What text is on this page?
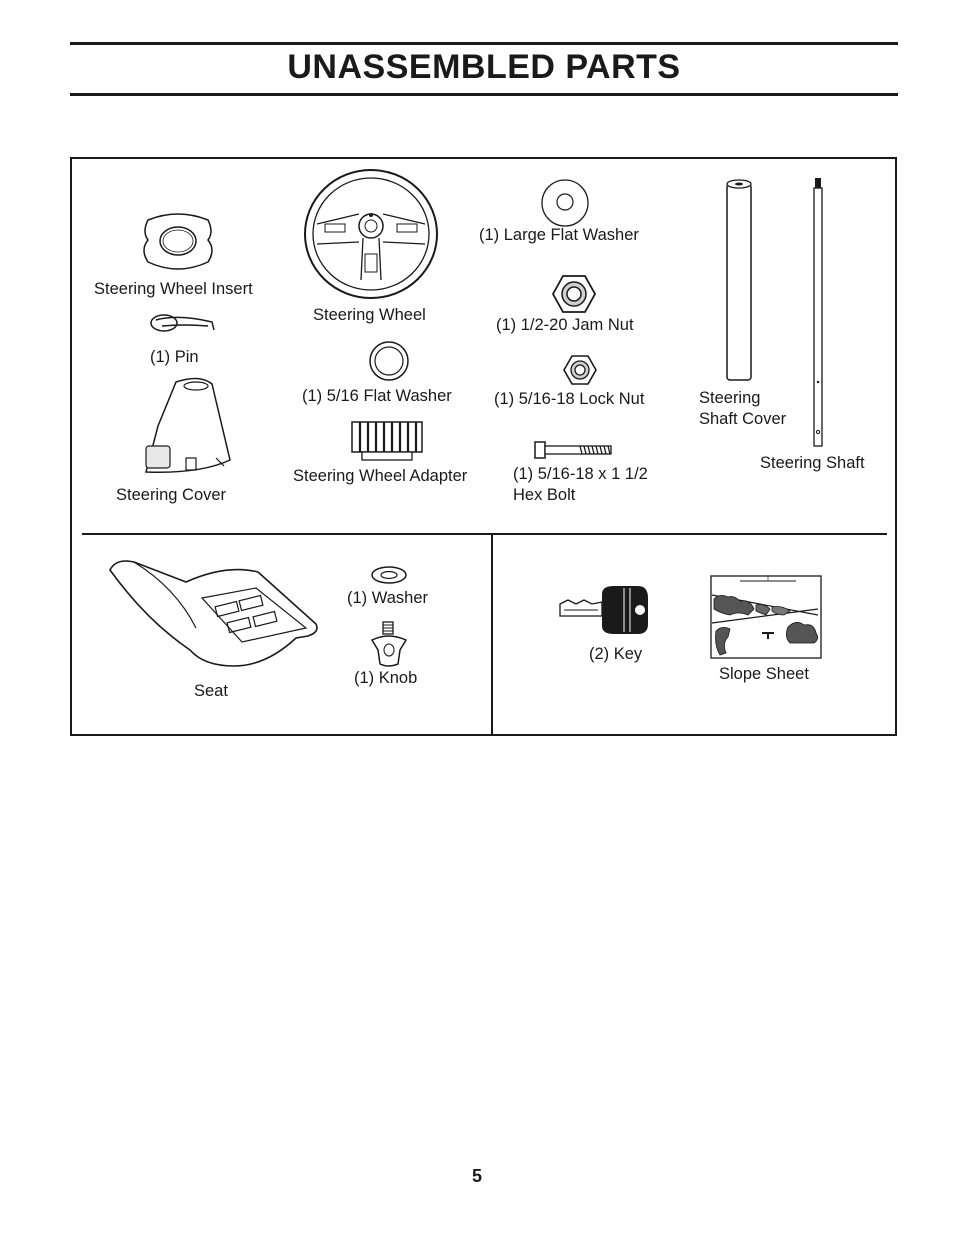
UNASSEMBLED PARTS
Steering Wheel Insert
(1) Pin
Steering Cover
Steering Wheel
(1) 5/16 Flat Washer
Steering Wheel Adapter
(1) Large Flat Washer
(1) 1/2-20 Jam Nut
(1) 5/16-18 Lock Nut
(1) 5/16-18 x 1 1/2
Hex Bolt
Steering
Shaft Cover
Steering Shaft
Seat
(1) Washer
(1) Knob
(2) Key
Slope Sheet
5
